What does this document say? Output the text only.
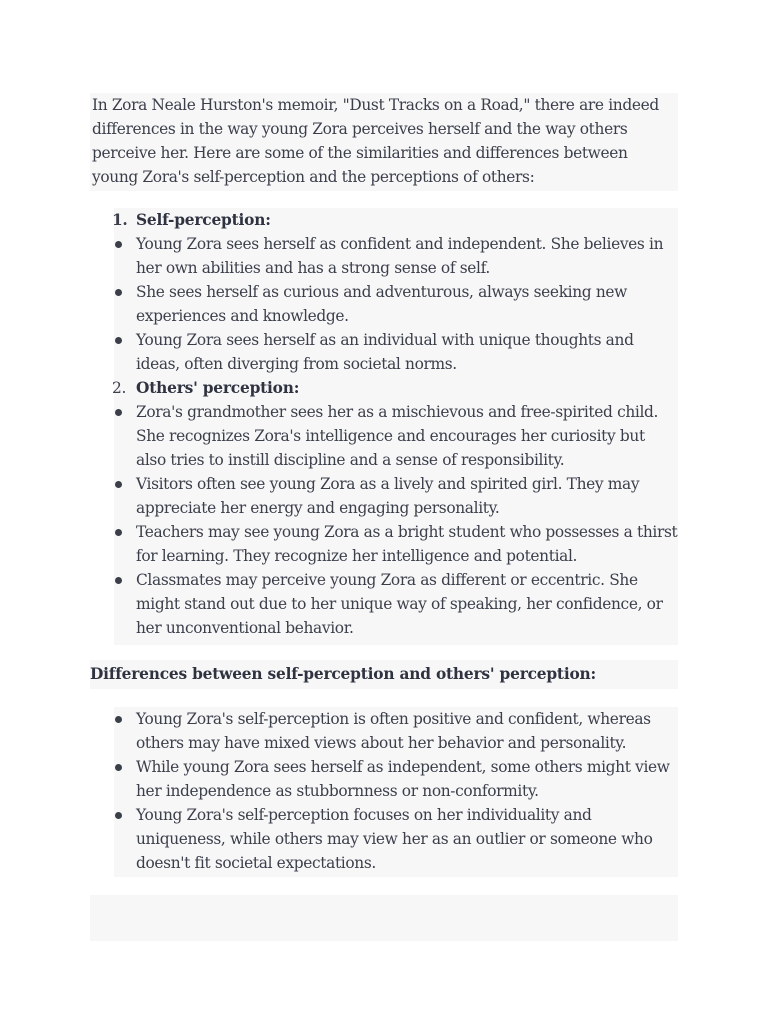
In Zora Neale Hurston's memoir, "Dust Tracks on a Road," there are indeed differences in the way young Zora perceives herself and the way others perceive her. Here are some of the similarities and differences between young Zora's self-perception and the perceptions of others:

1. Self-perception:
Young Zora sees herself as confident and independent. She believes in her own abilities and has a strong sense of self.
She sees herself as curious and adventurous, always seeking new experiences and knowledge.
Young Zora sees herself as an individual with unique thoughts and ideas, often diverging from societal norms.
2. Others' perception:
Zora's grandmother sees her as a mischievous and free-spirited child. She recognizes Zora's intelligence and encourages her curiosity but also tries to instill discipline and a sense of responsibility.
Visitors often see young Zora as a lively and spirited girl. They may appreciate her energy and engaging personality.
Teachers may see young Zora as a bright student who possesses a thirst for learning. They recognize her intelligence and potential.
Classmates may perceive young Zora as different or eccentric. She might stand out due to her unique way of speaking, her confidence, or her unconventional behavior.
Differences between self-perception and others' perception:
Young Zora's self-perception is often positive and confident, whereas others may have mixed views about her behavior and personality.
While young Zora sees herself as independent, some others might view her independence as stubbornness or non-conformity.
Young Zora's self-perception focuses on her individuality and uniqueness, while others may view her as an outlier or someone who doesn't fit societal expectations.
